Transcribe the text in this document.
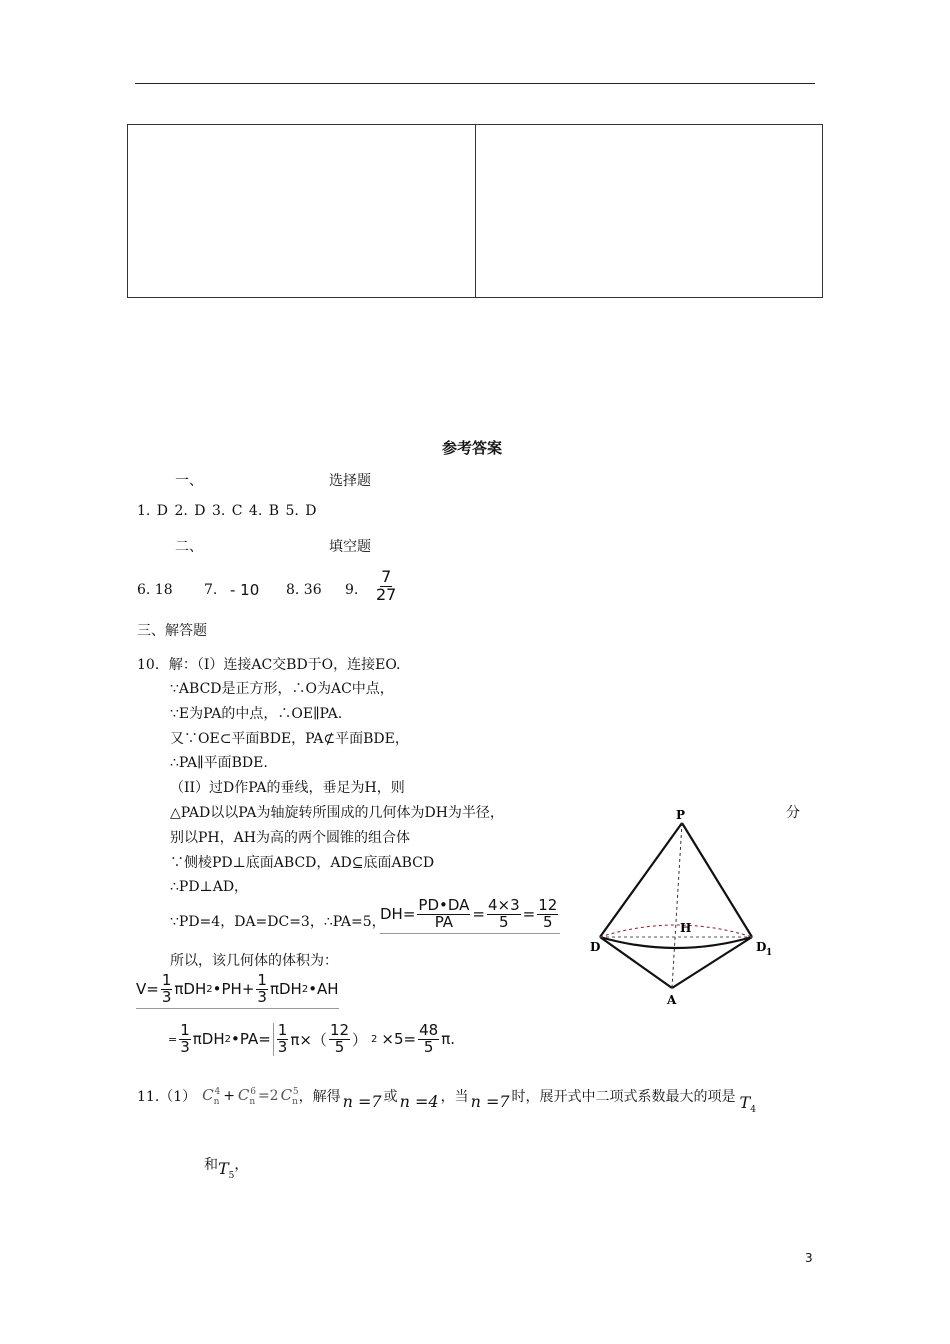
参考答案
一、	选择题
1. D 2. D 3. C 4. B 5. D
二、	填空题
6. 18 7. - 10 8. 36 9. $\frac{7}{27}$
三、解答题
10．解：（I）连接AC交BD于O，连接EO.
∵ABCD是正方形，∴O为AC中点，
∵E为PA的中点，∴OE∥PA.
又∵OE⊂平面BDE，PA⊄平面BDE，
∴PA∥平面BDE.
（II）过D作PA的垂线，垂足为H，则
△PAD以以PA为轴旋转所围成的几何体为DH为半径，	分
别以PH，AH为高的两个圆锥的组合体
∵侧棱PD⊥底面ABCD，AD⊆底面ABCD
∴PD⊥AD，
∵PD=4，DA=DC=3，∴PA=5，
$DH= \frac{PD•DA}{PA} = \frac{4\times 3}{5} = \frac{12}{5}$
所以，该几何体的体积为：
$V= \frac{1}{3}$ πDH 2 •PH+ $\frac{1}{3}$ πDH 2 •AH
= $\frac{1}{3}$ πDH 2 •PA= $\frac{1}{3} \pi\times( \frac{12}{5}$ ） $2 \times 5= \frac{48}{5} \pi$.
P
H
D	D 1
A
11.（1） $C_n^4 + C_n^6 =2$ $C_n^5$ ，解得 n =7 或 n =4 ，当 n =7 时，展开式中二项式系数最大的项是 $T_4$
和 $T_5$
，
3
